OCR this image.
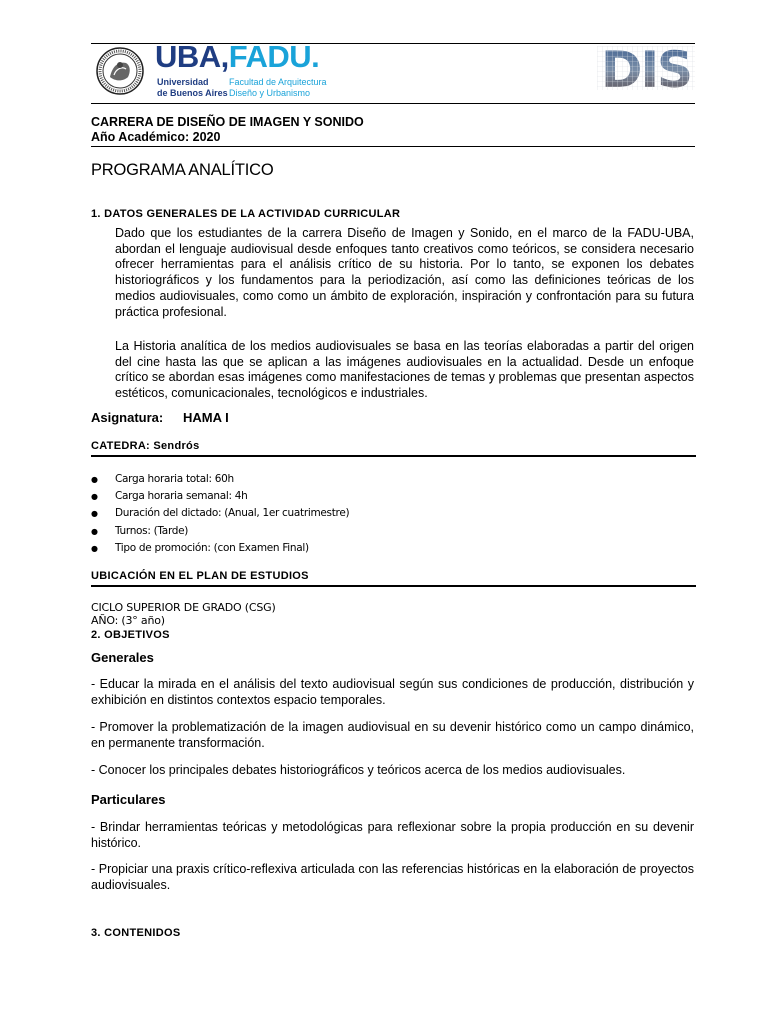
UBA,FADU.
Universidad
de Buenos Aires
Facultad de Arquitectura
Diseño y Urbanismo
CARRERA DE DISEÑO DE IMAGEN Y SONIDO
Año Académico: 2020
PROGRAMA ANALÍTICO
1. DATOS GENERALES DE LA ACTIVIDAD CURRICULAR
Dado que los estudiantes de la carrera Diseño de Imagen y Sonido, en el marco de la FADU-UBA, abordan el lenguaje audiovisual desde enfoques tanto creativos como teóricos, se considera necesario ofrecer herramientas para el análisis crítico de su historia. Por lo tanto, se exponen los debates historiográficos y los fundamentos para la periodización, así como las definiciones teóricas de los medios audiovisuales, como como un ámbito de exploración, inspiración y confrontación para su futura práctica profesional.
La Historia analítica de los medios audiovisuales se basa en las teorías elaboradas a partir del origen del cine hasta las que se aplican a las imágenes audiovisuales en la actualidad. Desde un enfoque crítico se abordan esas imágenes como manifestaciones de temas y problemas que presentan aspectos estéticos, comunicacionales, tecnológicos e industriales.
Asignatura: HAMA I
CATEDRA: Sendrós
● Carga horaria total: 60h
● Carga horaria semanal: 4h
● Duración del dictado: (Anual, 1er cuatrimestre)
● Turnos: (Tarde)
● Tipo de promoción: (con Examen Final)
UBICACIÓN EN EL PLAN DE ESTUDIOS
CICLO SUPERIOR DE GRADO (CSG)
AÑO: (3° año)
2. OBJETIVOS
Generales
- Educar la mirada en el análisis del texto audiovisual según sus condiciones de producción, distribución y exhibición en distintos contextos espacio temporales.
- Promover la problematización de la imagen audiovisual en su devenir histórico como un campo dinámico, en permanente transformación.
- Conocer los principales debates historiográficos y teóricos acerca de los medios audiovisuales.
Particulares
- Brindar herramientas teóricas y metodológicas para reflexionar sobre la propia producción en su devenir histórico.
- Propiciar una praxis crítico-reflexiva articulada con las referencias históricas en la elaboración de proyectos audiovisuales.
3. CONTENIDOS
